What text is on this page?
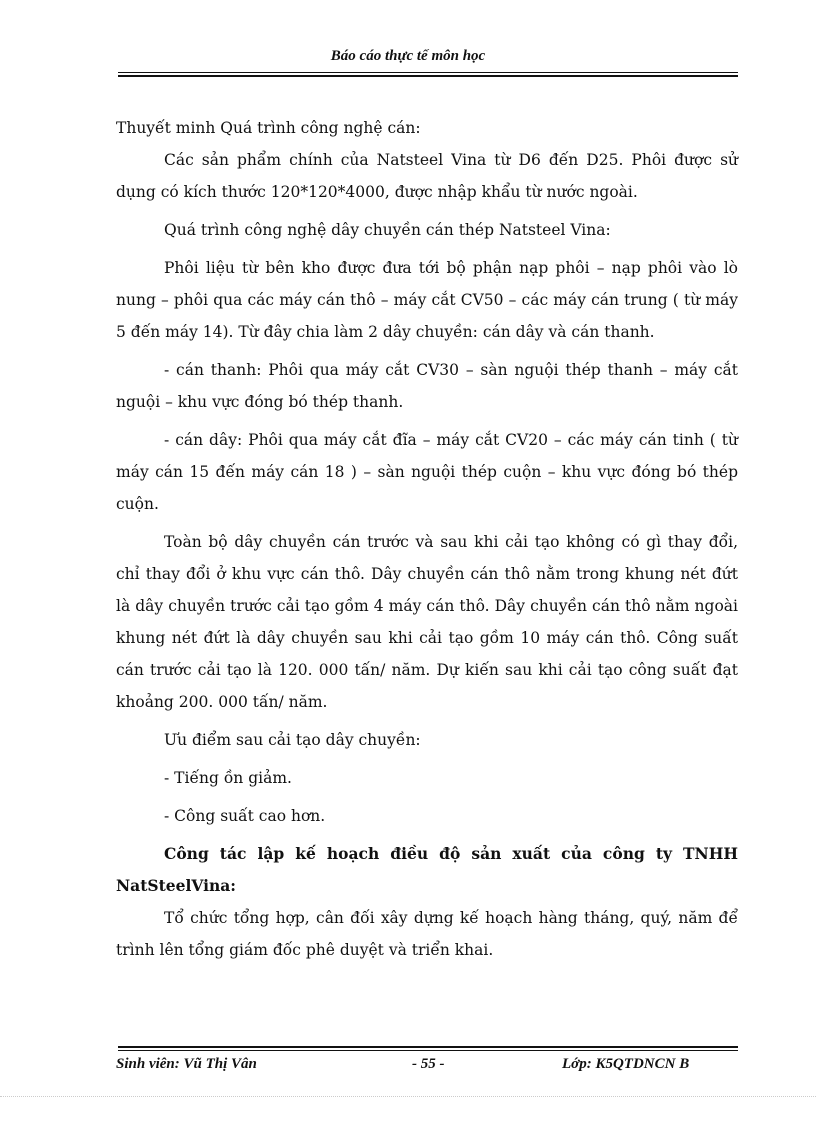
Báo cáo thực tế môn học

Thuyết minh Quá trình công nghệ cán:

Các sản phẩm chính của Natsteel Vina từ D6 đến D25. Phôi được sử dụng có kích thước 120*120*4000, được nhập khẩu từ nước ngoài.

Quá trình công nghệ dây chuyền cán thép Natsteel Vina:

Phôi liệu từ bên kho được đưa tới bộ phận nạp phôi – nạp phôi vào lò nung – phôi qua các máy cán thô – máy cắt CV50 – các máy cán trung ( từ máy 5 đến máy 14). Từ đây chia làm 2 dây chuyền: cán dây và cán thanh.

- cán thanh: Phôi qua máy cắt CV30 – sàn nguội thép thanh – máy cắt nguội – khu vực đóng bó thép thanh.

- cán dây: Phôi qua máy cắt đĩa – máy cắt CV20 – các máy cán tinh ( từ máy cán 15 đến máy cán 18 ) – sàn nguội thép cuộn – khu vực đóng bó thép cuộn.

Toàn bộ dây chuyền cán trước và sau khi cải tạo không có gì thay đổi, chỉ thay đổi ở khu vực cán thô. Dây chuyền cán thô nằm trong khung nét đứt là dây chuyền trước cải tạo gồm 4 máy cán thô. Dây chuyền cán thô nằm ngoài khung nét đứt là dây chuyền sau khi cải tạo gồm 10 máy cán thô. Công suất cán trước cải tạo là 120. 000 tấn/ năm. Dự kiến sau khi cải tạo công suất đạt khoảng 200. 000 tấn/ năm.

Ưu điểm sau cải tạo dây chuyền:

- Tiếng ồn giảm.

- Công suất cao hơn.

Công tác lập kế hoạch điều độ sản xuất của công ty TNHH NatSteelVina:

Tổ chức tổng hợp, cân đối xây dựng kế hoạch hàng tháng, quý, năm để trình lên tổng giám đốc phê duyệt và triển khai.

Sinh viên: Vũ Thị Vân	- 55 -	Lớp: K5QTDNCN B
